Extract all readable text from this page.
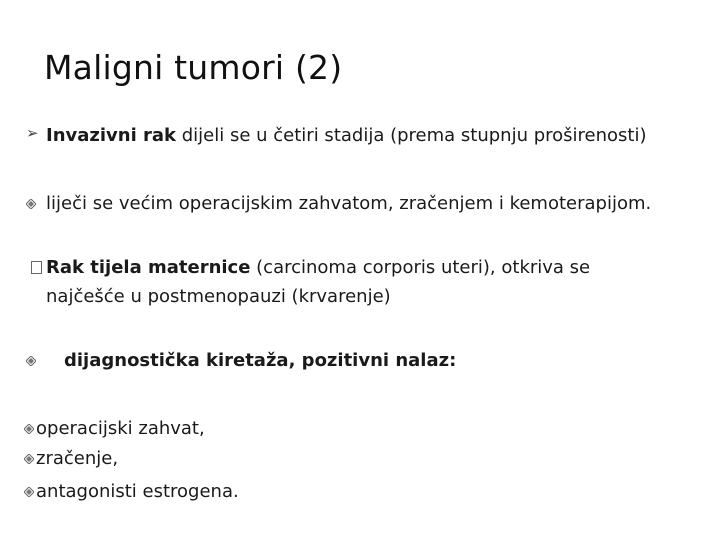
Maligni tumori (2)
➢ Invazivni rak dijeli se u četiri stadija (prema stupnju proširenosti)
liječi se većim operacijskim zahvatom, zračenjem i kemoterapijom.
Rak tijela maternice (carcinoma corporis uteri), otkriva se
najčešće u postmenopauzi (krvarenje)
dijagnostička kiretaža, pozitivni nalaz:
operacijski zahvat,
zračenje,
antagonisti estrogena.
